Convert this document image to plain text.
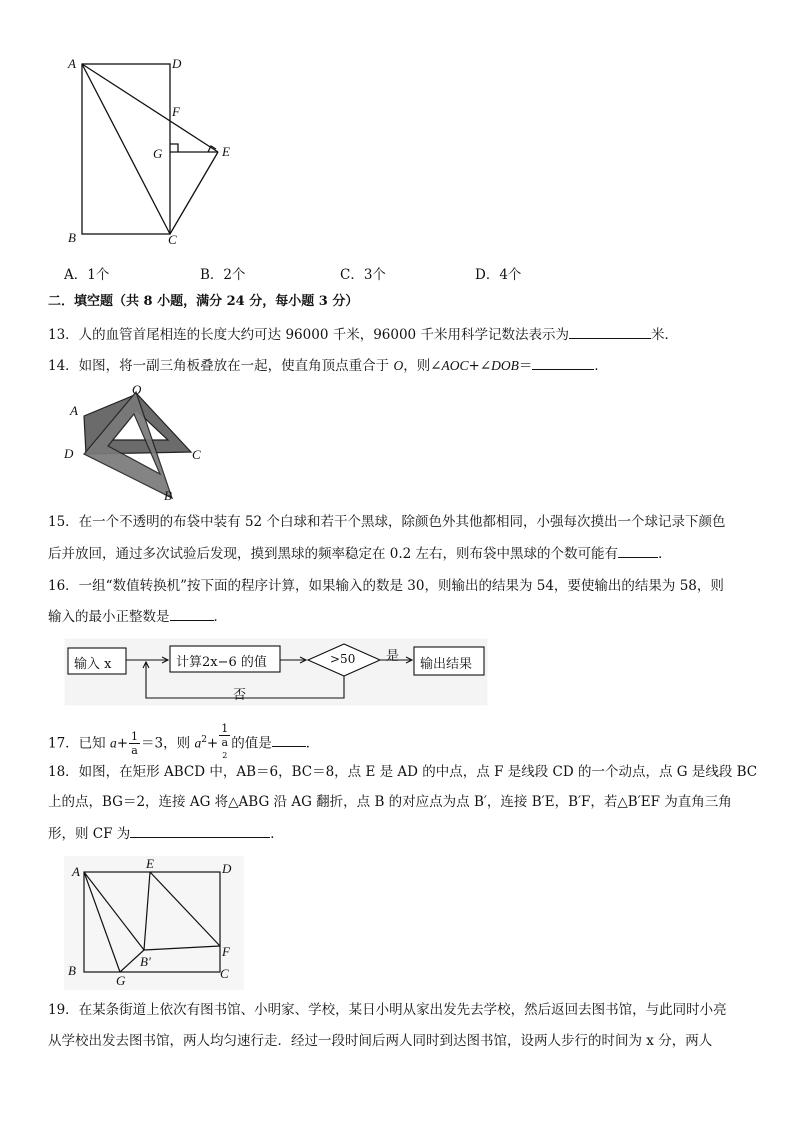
A	D
F
G	E
B	C
A．1个	B．2个	C．3个	D．4个
二．填空题（共 8 小题，满分 24 分，每小题 3 分）
13．人的血管首尾相连的长度大约可达 96000 千米，96000 千米用科学记数法表示为	米．
14．如图，将一副三角板叠放在一起，使直角顶点重合于 O，则∠AOC+∠DOB＝	．
O
A
D	C
B
15．在一个不透明的布袋中装有 52 个白球和若干个黑球，除颜色外其他都相同，小强每次摸出一个球记录下颜色
后并放回，通过多次试验后发现，摸到黑球的频率稳定在 0.2 左右，则布袋中黑球的个数可能有	．
16．一组“数值转换机”按下面的程序计算，如果输入的数是 30，则输出的结果为 54，要使输出的结果为 58，则
输入的最小正整数是	．
输入 x	计算2x−6 的值	>50 是
输出结果
否
17．已知 $a+ \frac{1}{a} =3$，则 $a^2+ 1$
a
$^2$ 的值是	．
18．如图，在矩形 ABCD 中，AB＝6，BC＝8，点 E 是 AD 的中点，点 F 是线段 CD 的一个动点，点 G 是线段 BC
上的点，BG＝2，连接 AG 将△ABG 沿 AG 翻折，点 B 的对应点为点 B′，连接 B′E，B′F，若△B′EF 为直角三角
形，则 CF 为	．
A
E	D
F
B
G
B′
C
19．在某条街道上依次有图书馆、小明家、学校，某日小明从家出发先去学校，然后返回去图书馆，与此同时小亮
从学校出发去图书馆，两人均匀速行走．经过一段时间后两人同时到达图书馆，设两人步行的时间为 x 分，两人
